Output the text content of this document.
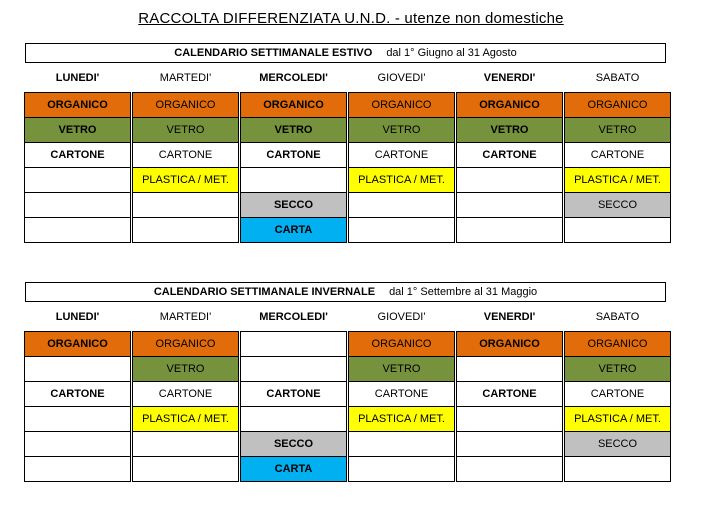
RACCOLTA DIFFERENZIATA U.N.D. - utenze non domestiche
CALENDARIO SETTIMANALE ESTIVO dal 1° Giugno al 31 Agosto
LUNEDI'
ORGANICO
VETRO
CARTONE
MARTEDI'
ORGANICO
VETRO
CARTONE
PLASTICA / MET.
MERCOLEDI'
ORGANICO
VETRO
CARTONE
SECCO
CARTA
GIOVEDI'
ORGANICO
VETRO
CARTONE
PLASTICA / MET.
VENERDI'
ORGANICO
VETRO
CARTONE
SABATO
ORGANICO
VETRO
CARTONE
PLASTICA / MET.
SECCO
CALENDARIO SETTIMANALE INVERNALE dal 1° Settembre al 31 Maggio
LUNEDI'
ORGANICO
CARTONE
MARTEDI'
ORGANICO
VETRO
CARTONE
PLASTICA / MET.
MERCOLEDI'
CARTONE
SECCO
CARTA
GIOVEDI'
ORGANICO
VETRO
CARTONE
PLASTICA / MET.
VENERDI'
ORGANICO
CARTONE
SABATO
ORGANICO
VETRO
CARTONE
PLASTICA / MET.
SECCO
